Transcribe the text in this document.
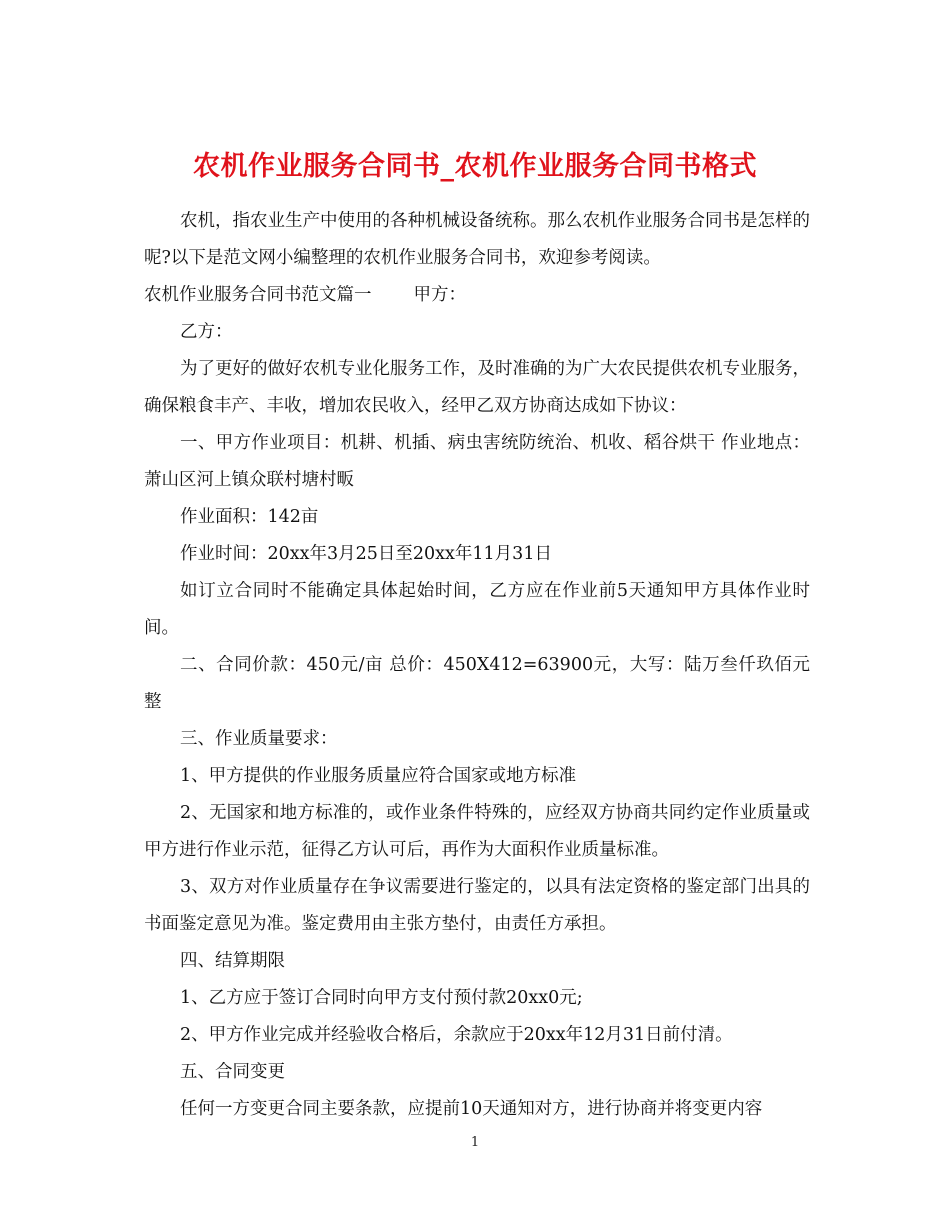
农机作业服务合同书_农机作业服务合同书格式

农机，指农业生产中使用的各种机械设备统称。那么农机作业服务合同书是怎样的呢?以下是范文网小编整理的农机作业服务合同书，欢迎参考阅读。

农机作业服务合同书范文篇一 甲方：

乙方：

为了更好的做好农机专业化服务工作，及时准确的为广大农民提供农机专业服务，确保粮食丰产、丰收，增加农民收入，经甲乙双方协商达成如下协议：

一、甲方作业项目：机耕、机插、病虫害统防统治、机收、稻谷烘干 作业地点：萧山区河上镇众联村塘村畈

作业面积：142亩

作业时间：20xx年3月25日至20xx年11月31日

如订立合同时不能确定具体起始时间，乙方应在作业前5天通知甲方具体作业时间。

二、合同价款：450元/亩 总价：450X412=63900元，大写：陆万叁仟玖佰元整

三、作业质量要求：

1、甲方提供的作业服务质量应符合国家或地方标准

2、无国家和地方标准的，或作业条件特殊的，应经双方协商共同约定作业质量或甲方进行作业示范，征得乙方认可后，再作为大面积作业质量标准。

3、双方对作业质量存在争议需要进行鉴定的，以具有法定资格的鉴定部门出具的书面鉴定意见为准。鉴定费用由主张方垫付，由责任方承担。

四、结算期限

1、乙方应于签订合同时向甲方支付预付款20xx0元;

2、甲方作业完成并经验收合格后，余款应于20xx年12月31日前付清。

五、合同变更

任何一方变更合同主要条款，应提前10天通知对方，进行协商并将变更内容

1
